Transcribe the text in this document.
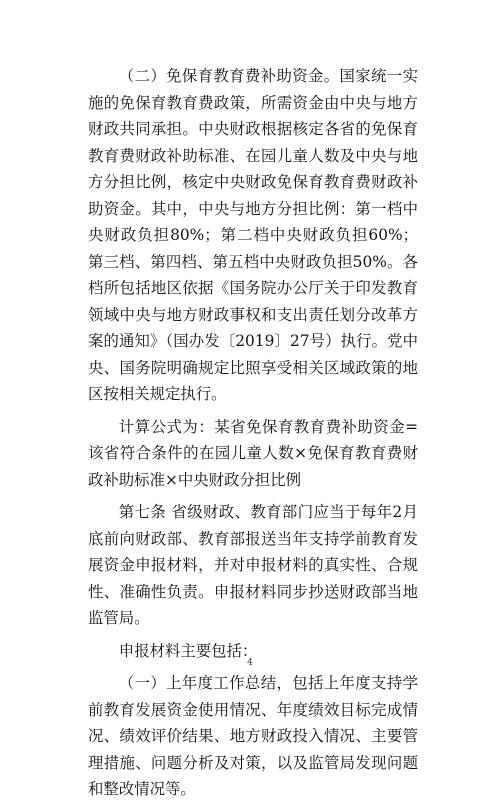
（二）免保育教育费补助资金。国家统一实施的免保育教育费政策，所需资金由中央与地方财政共同承担。中央财政根据核定各省的免保育教育费财政补助标准、在园儿童人数及中央与地方分担比例，核定中央财政免保育教育费财政补助资金。其中，中央与地方分担比例：第一档中央财政负担80%；第二档中央财政负担60%；第三档、第四档、第五档中央财政负担50%。各档所包括地区依据《国务院办公厅关于印发教育领域中央与地方财政事权和支出责任划分改革方案的通知》（国办发〔2019〕27号）执行。党中央、国务院明确规定比照享受相关区域政策的地区按相关规定执行。

计算公式为：某省免保育教育费补助资金=该省符合条件的在园儿童人数×免保育教育费财政补助标准×中央财政分担比例

第七条 省级财政、教育部门应当于每年2月底前向财政部、教育部报送当年支持学前教育发展资金申报材料，并对申报材料的真实性、合规性、准确性负责。申报材料同步抄送财政部当地监管局。

申报材料主要包括：

（一）上年度工作总结，包括上年度支持学前教育发展资金使用情况、年度绩效目标完成情况、绩效评价结果、地方财政投入情况、主要管理措施、问题分析及对策，以及监管局发现问题和整改情况等。

4
